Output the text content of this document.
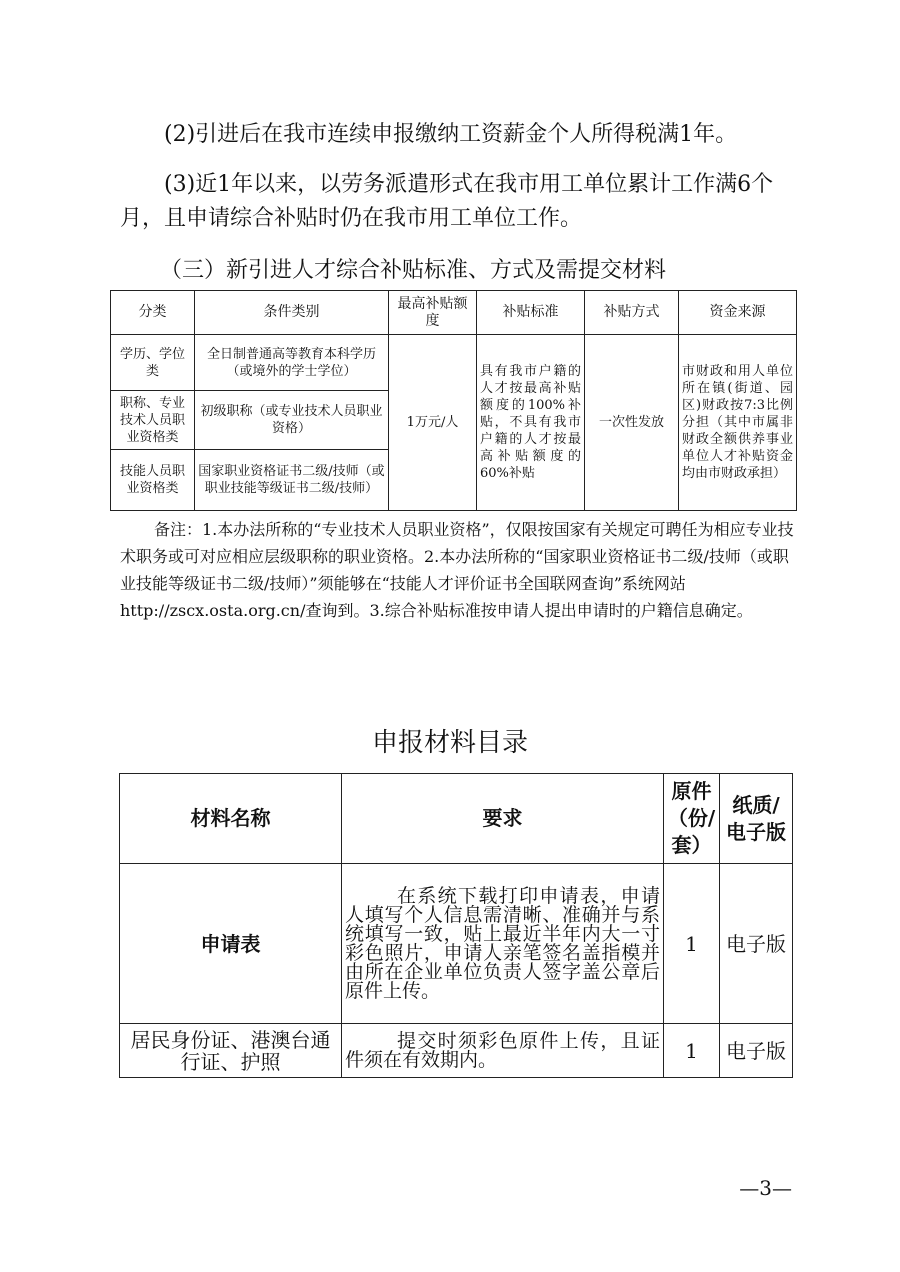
(2)引进后在我市连续申报缴纳工资薪金个人所得税满1年。

(3)近1年以来，以劳务派遣形式在我市用工单位累计工作满6个月，且申请综合补贴时仍在我市用工单位工作。

（三）新引进人才综合补贴标准、方式及需提交材料
分类	条件类别	最高补贴额度	补贴标准	补贴方式	资金来源
学历、学位类	全日制普通高等教育本科学历（或境外的学士学位）	1万元/人	具有我市户籍的人才按最高补贴额度的100%补贴，不具有我市户籍的人才按最高补贴额度的60%补贴	一次性发放	市财政和用人单位所在镇(街道、园区)财政按7:3比例分担（其中市属非财政全额供养事业单位人才补贴资金均由市财政承担）
职称、专业技术人员职业资格类	初级职称（或专业技术人员职业资格）				
技能人员职业资格类	国家职业资格证书二级/技师（或职业技能等级证书二级/技师）				

备注：1.本办法所称的“专业技术人员职业资格”，仅限按国家有关规定可聘任为相应专业技术职务或可对应相应层级职称的职业资格。2.本办法所称的“国家职业资格证书二级/技师（或职业技能等级证书二级/技师）”须能够在“技能人才评价证书全国联网查询”系统网站http://zscx.osta.org.cn/查询到。3.综合补贴标准按申请人提出申请时的户籍信息确定。

申报材料目录
材料名称	要求	原件（份/套）	纸质/电子版
申请表	在系统下载打印申请表，申请人填写个人信息需清晰、准确并与系统填写一致，贴上最近半年内大一寸彩色照片，申请人亲笔签名盖指模并由所在企业单位负责人签字盖公章后原件上传。	1	电子版
居民身份证、港澳台通行证、护照	提交时须彩色原件上传，且证件须在有效期内。	1	电子版

—3—
